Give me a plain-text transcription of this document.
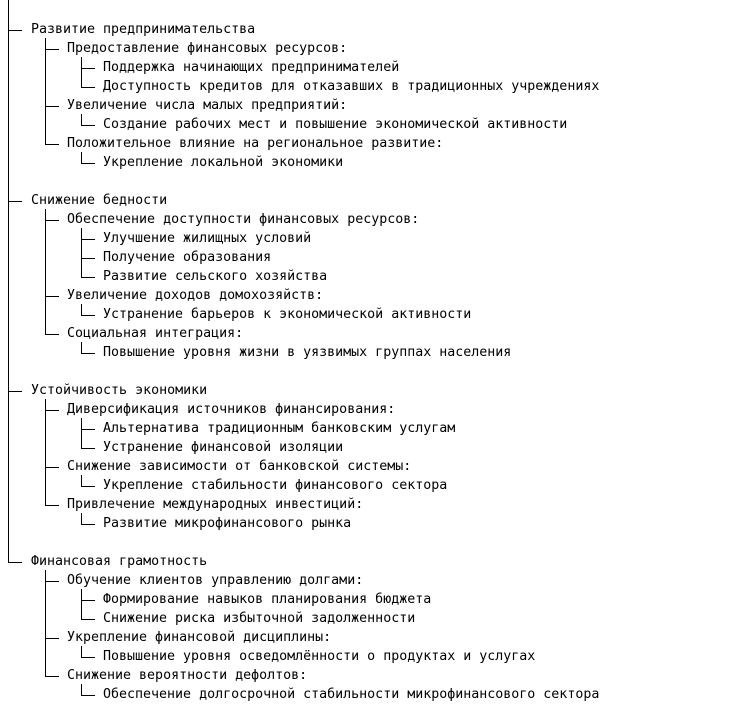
Развитие предпринимательства
Предоставление финансовых ресурсов:
Поддержка начинающих предпринимателей
Доступность кредитов для отказавших в традиционных учреждениях
Увеличение числа малых предприятий:
Создание рабочих мест и повышение экономической активности
Положительное влияние на региональное развитие:
Укрепление локальной экономики
Снижение бедности
Обеспечение доступности финансовых ресурсов:
Улучшение жилищных условий
Получение образования
Развитие сельского хозяйства
Увеличение доходов домохозяйств:
Устранение барьеров к экономической активности
Социальная интеграция:
Повышение уровня жизни в уязвимых группах населения
Устойчивость экономики
Диверсификация источников финансирования:
Альтернатива традиционным банковским услугам
Устранение финансовой изоляции
Снижение зависимости от банковской системы:
Укрепление стабильности финансового сектора
Привлечение международных инвестиций:
Развитие микрофинансового рынка
Финансовая грамотность
Обучение клиентов управлению долгами:
Формирование навыков планирования бюджета
Снижение риска избыточной задолженности
Укрепление финансовой дисциплины:
Повышение уровня осведомлённости о продуктах и услугах
Снижение вероятности дефолтов:
Обеспечение долгосрочной стабильности микрофинансового сектора
